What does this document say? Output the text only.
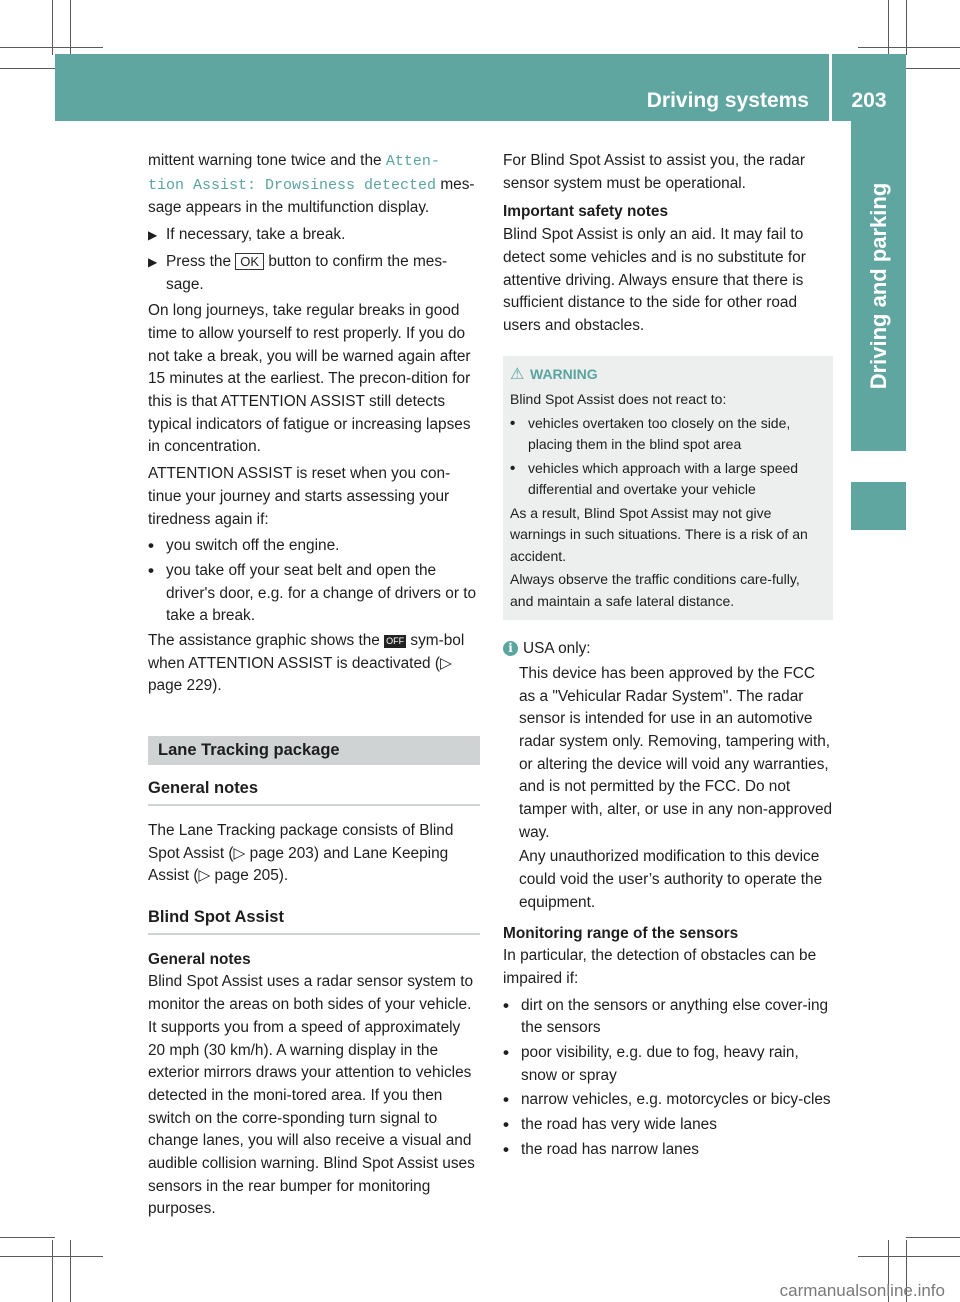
Driving systems	203
Driving and parking

mittent warning tone twice and the Atten‐
tion Assist: Drowsiness detected mes‐sage appears in the multifunction display.

▶ If necessary, take a break.
▶ Press the OK button to confirm the mes‐sage.

On long journeys, take regular breaks in good time to allow yourself to rest properly. If you do not take a break, you will be warned again after 15 minutes at the earliest. The precon‐dition for this is that ATTENTION ASSIST still detects typical indicators of fatigue or increasing lapses in concentration.

ATTENTION ASSIST is reset when you con‐tinue your journey and starts assessing your tiredness again if:

• you switch off the engine.
• you take off your seat belt and open the driver's door, e.g. for a change of drivers or to take a break.

The assistance graphic shows the OFF sym‐bol when ATTENTION ASSIST is deactivated (▷ page 229).

Lane Tracking package
General notes

The Lane Tracking package consists of Blind Spot Assist (▷ page 203) and Lane Keeping Assist (▷ page 205).

Blind Spot Assist

General notes

Blind Spot Assist uses a radar sensor system to monitor the areas on both sides of your vehicle. It supports you from a speed of approximately 20 mph (30 km/h). A warning display in the exterior mirrors draws your attention to vehicles detected in the moni‐tored area. If you then switch on the corre‐sponding turn signal to change lanes, you will also receive a visual and audible collision warning. Blind Spot Assist uses sensors in the rear bumper for monitoring purposes.

For Blind Spot Assist to assist you, the radar sensor system must be operational.

Important safety notes

Blind Spot Assist is only an aid. It may fail to detect some vehicles and is no substitute for attentive driving. Always ensure that there is sufficient distance to the side for other road users and obstacles.

⚠ WARNING

Blind Spot Assist does not react to:

• vehicles overtaken too closely on the side, placing them in the blind spot area
• vehicles which approach with a large speed differential and overtake your vehicle

As a result, Blind Spot Assist may not give warnings in such situations. There is a risk of an accident.

Always observe the traffic conditions care‐fully, and maintain a safe lateral distance.

i USA only:

This device has been approved by the FCC as a "Vehicular Radar System". The radar sensor is intended for use in an automotive radar system only. Removing, tampering with, or altering the device will void any warranties, and is not permitted by the FCC. Do not tamper with, alter, or use in any non-approved way.

Any unauthorized modification to this device could void the user’s authority to operate the equipment.

Monitoring range of the sensors

In particular, the detection of obstacles can be impaired if:

• dirt on the sensors or anything else cover‐ing the sensors
• poor visibility, e.g. due to fog, heavy rain, snow or spray
• narrow vehicles, e.g. motorcycles or bicy‐cles
• the road has very wide lanes
• the road has narrow lanes
carmanualsonline.info
